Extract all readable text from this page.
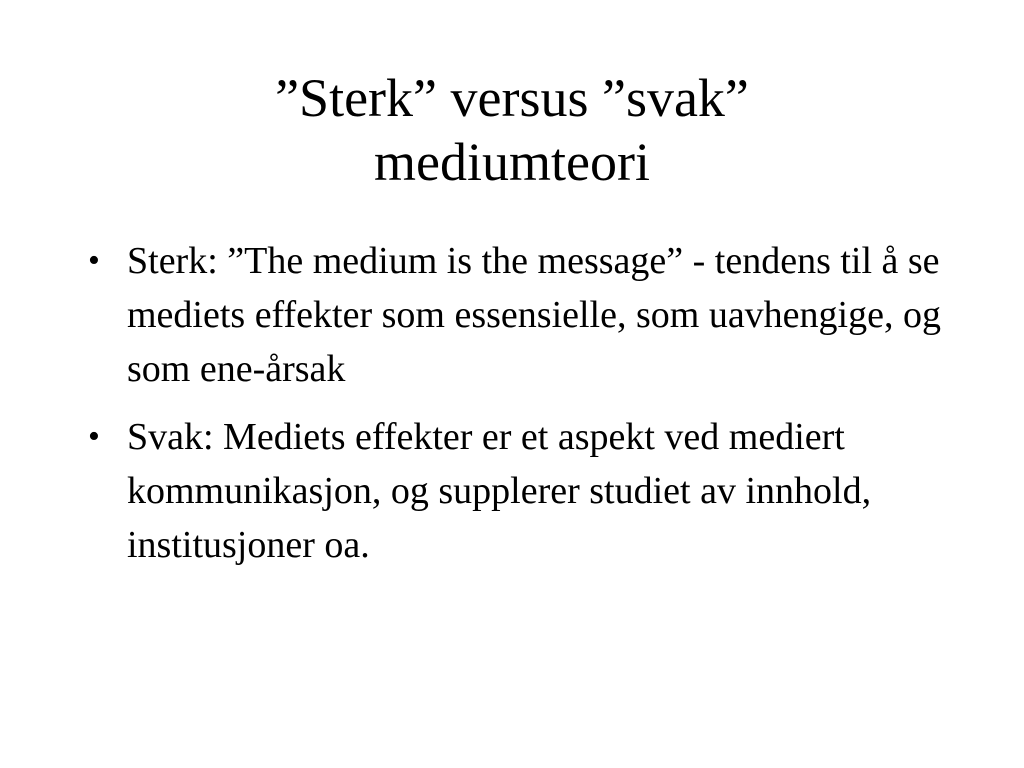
”Sterk” versus ”svak”
mediumteori
• Sterk: ”The medium is the message” - tendens til å se mediets effekter som essensielle, som uavhengige, og som ene-årsak
• Svak: Mediets effekter er et aspekt ved mediert kommunikasjon, og supplerer studiet av innhold, institusjoner oa.
